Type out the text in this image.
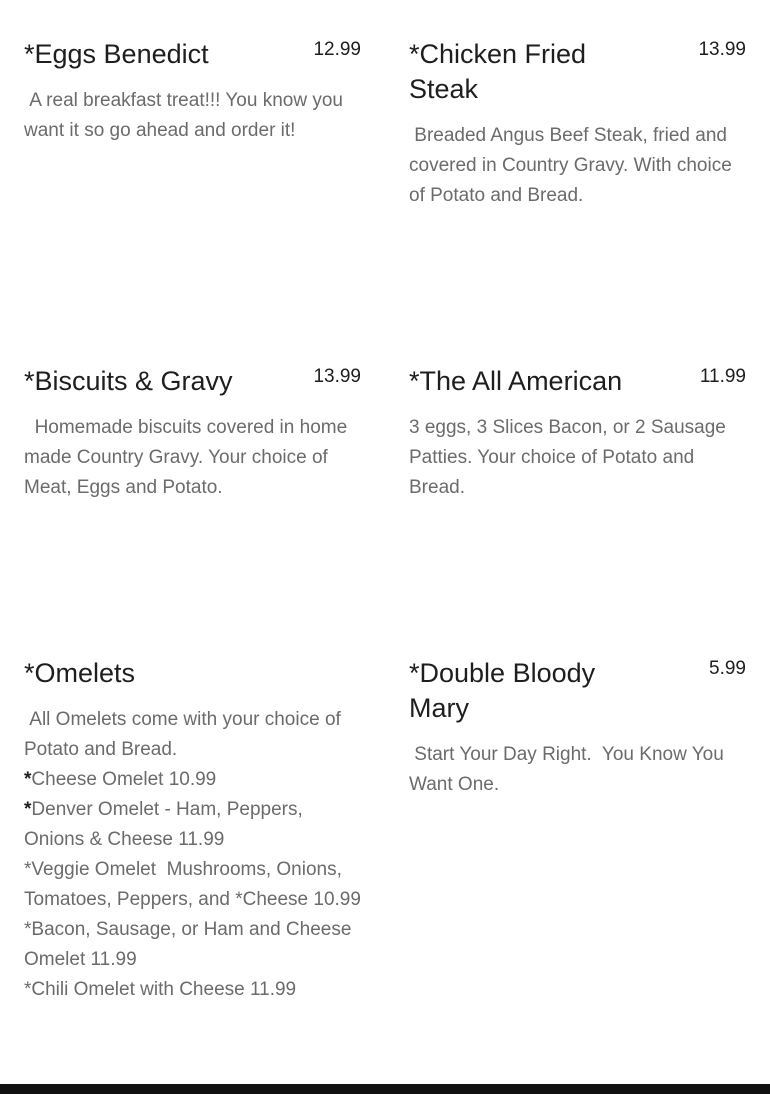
*Eggs Benedict	12.99

A real breakfast treat!!! You know you want it so go ahead and order it!

*Chicken Fried Steak
13.99

Breaded Angus Beef Steak, fried and covered in Country Gravy. With choice of Potato and Bread.

*Biscuits & Gravy	13.99

Homemade biscuits covered in home made Country Gravy. Your choice of Meat, Eggs and Potato.

*The All American	11.99

3 eggs, 3 Slices Bacon, or 2 Sausage Patties. Your choice of Potato and Bread.

*Omelets

All Omelets come with your choice of Potato and Bread.

*Cheese Omelet 10.99

*Denver Omelet - Ham, Peppers, Onions & Cheese 11.99

*Veggie Omelet  Mushrooms, Onions, Tomatoes, Peppers, and *Cheese 10.99

*Bacon, Sausage, or Ham and Cheese Omelet 11.99

*Chili Omelet with Cheese 11.99

*Double Bloody Mary
5.99

Start Your Day Right.  You Know You Want One.
